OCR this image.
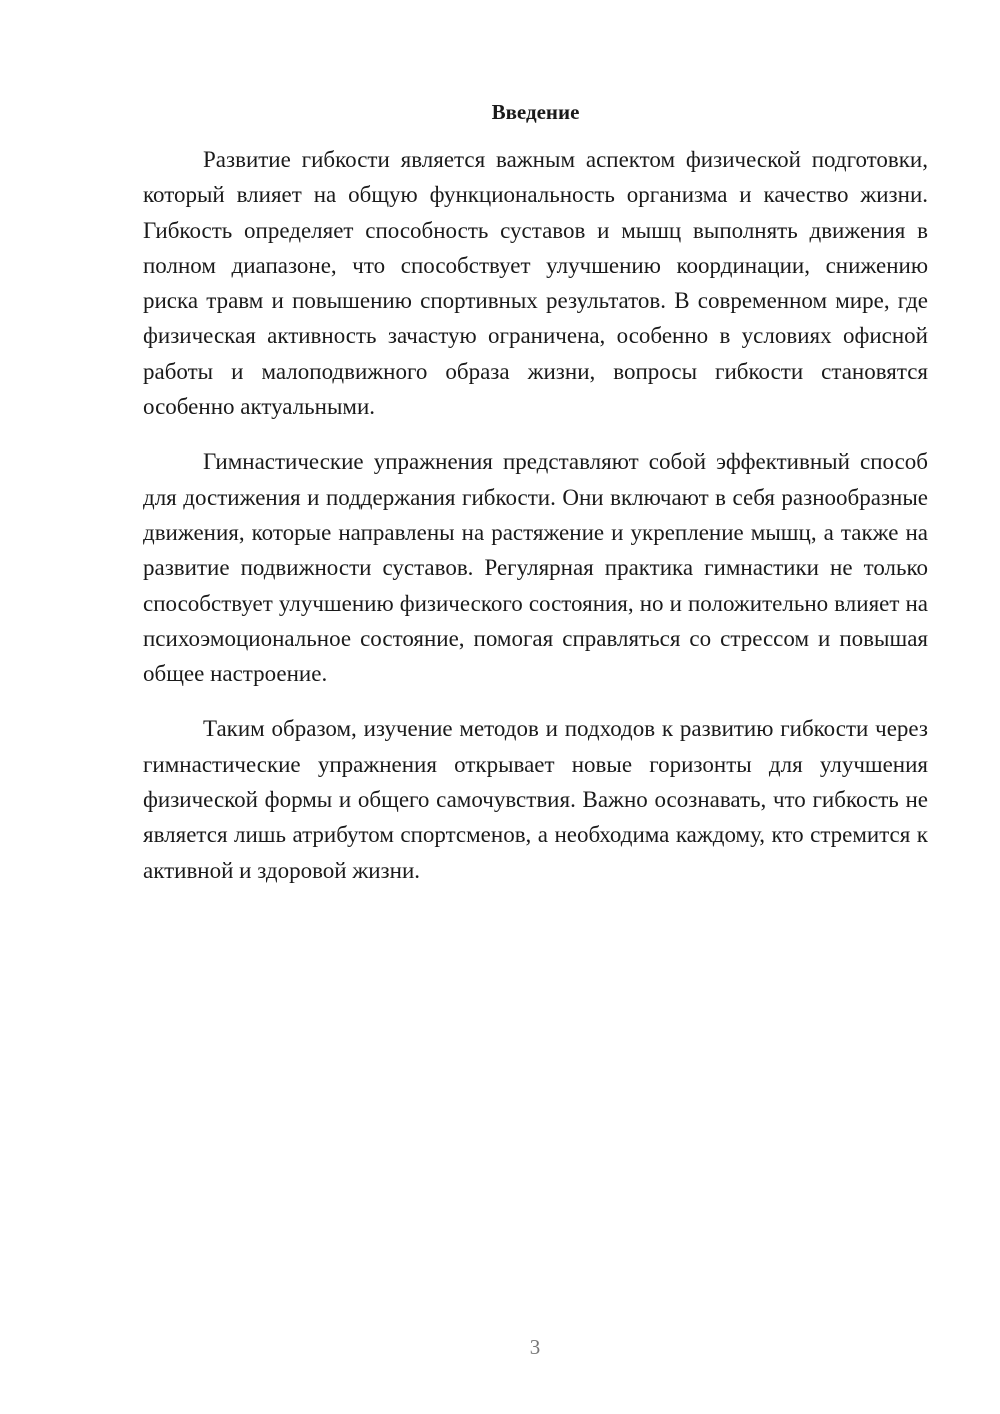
Введение

Развитие гибкости является важным аспектом физической подготовки, который влияет на общую функциональность организма и качество жизни. Гибкость определяет способность суставов и мышц выполнять движения в полном диапазоне, что способствует улучшению координации, снижению риска травм и повышению спортивных результатов. В современном мире, где физическая активность зачастую ограничена, особенно в условиях офисной работы и малоподвижного образа жизни, вопросы гибкости становятся особенно актуальными.

Гимнастические упражнения представляют собой эффективный способ для достижения и поддержания гибкости. Они включают в себя разнообразные движения, которые направлены на растяжение и укрепление мышц, а также на развитие подвижности суставов. Регулярная практика гимнастики не только способствует улучшению физического состояния, но и положительно влияет на психоэмоциональное состояние, помогая справляться со стрессом и повышая общее настроение.

Таким образом, изучение методов и подходов к развитию гибкости через гимнастические упражнения открывает новые горизонты для улучшения физической формы и общего самочувствия. Важно осознавать, что гибкость не является лишь атрибутом спортсменов, а необходима каждому, кто стремится к активной и здоровой жизни.

3
